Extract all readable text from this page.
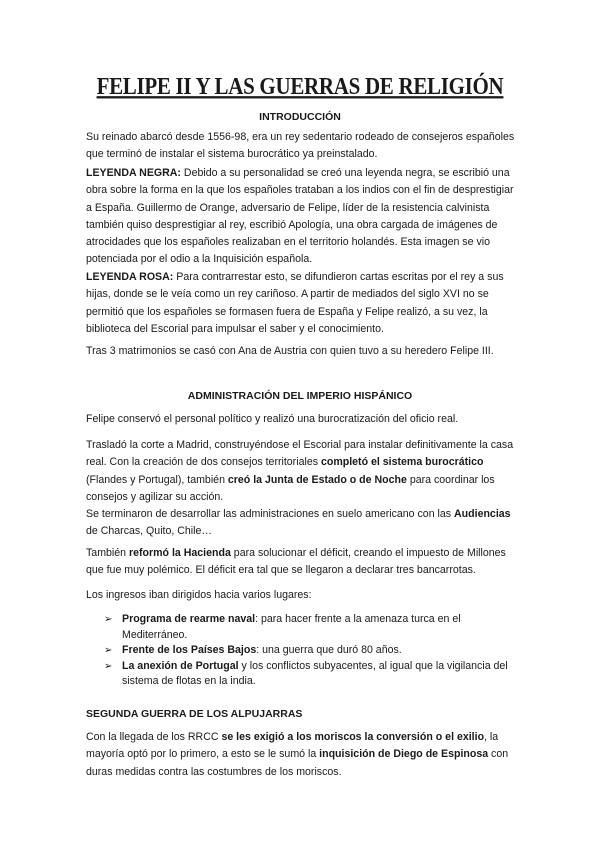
FELIPE II Y LAS GUERRAS DE RELIGIÓN
INTRODUCCIÓN

Su reinado abarcó desde 1556-98, era un rey sedentario rodeado de consejeros españoles que terminó de instalar el sistema burocrático ya preinstalado.

LEYENDA NEGRA: Debido a su personalidad se creó una leyenda negra, se escribió una obra sobre la forma en la que los españoles trataban a los indios con el fin de desprestigiar a España. Guillermo de Orange, adversario de Felipe, líder de la resistencia calvinista también quiso desprestigiar al rey, escribió Apología, una obra cargada de imágenes de atrocidades que los españoles realizaban en el territorio holandés. Esta imagen se vio potenciada por el odio a la Inquisición española.

LEYENDA ROSA: Para contrarrestar esto, se difundieron cartas escritas por el rey a sus hijas, donde se le veía como un rey cariñoso. A partir de mediados del siglo XVI no se permitió que los españoles se formasen fuera de España y Felipe realizó, a su vez, la biblioteca del Escorial para impulsar el saber y el conocimiento.

Tras 3 matrimonios se casó con Ana de Austria con quien tuvo a su heredero Felipe III.

ADMINISTRACIÓN DEL IMPERIO HISPÁNICO

Felipe conservó el personal político y realizó una burocratización del oficio real.

Trasladó la corte a Madrid, construyéndose el Escorial para instalar definitivamente la casa real. Con la creación de dos consejos territoriales completó el sistema burocrático (Flandes y Portugal), también creó la Junta de Estado o de Noche para coordinar los consejos y agilizar su acción.

Se terminaron de desarrollar las administraciones en suelo americano con las Audiencias de Charcas, Quito, Chile…

También reformó la Hacienda para solucionar el déficit, creando el impuesto de Millones que fue muy polémico. El déficit era tal que se llegaron a declarar tres bancarrotas.

Los ingresos iban dirigidos hacia varios lugares:

➢ Programa de rearme naval: para hacer frente a la amenaza turca en el Mediterráneo.
➢ Frente de los Países Bajos: una guerra que duró 80 años.
➢ La anexión de Portugal y los conflictos subyacentes, al igual que la vigilancia del sistema de flotas en la india.
SEGUNDA GUERRA DE LOS ALPUJARRAS

Con la llegada de los RRCC se les exigió a los moriscos la conversión o el exilio, la mayoría optó por lo primero, a esto se le sumó la inquisición de Diego de Espinosa con duras medidas contra las costumbres de los moriscos.
